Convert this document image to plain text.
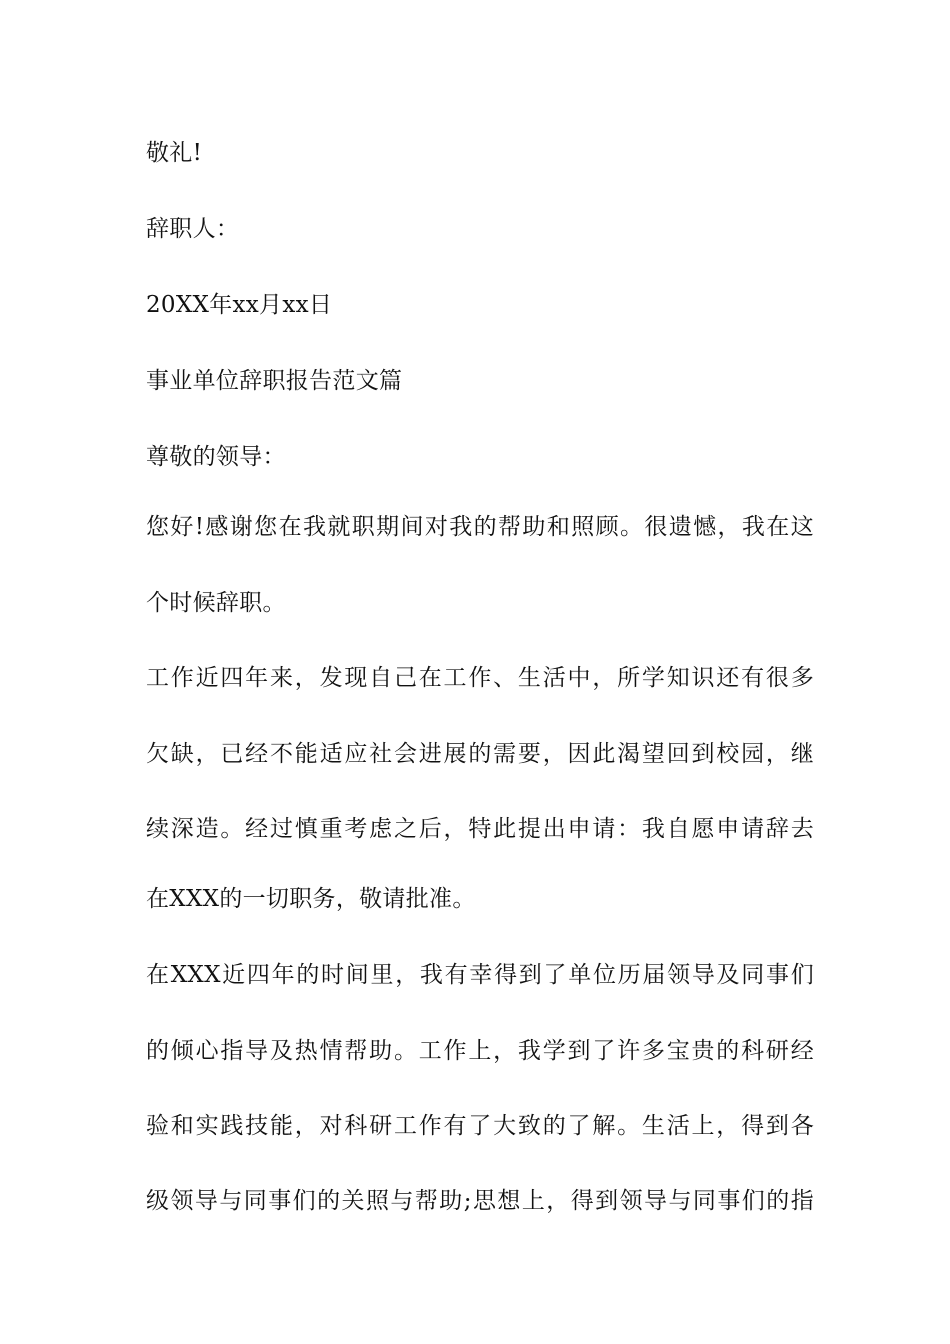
敬礼!
辞职人：
20XX年xx月xx日
事业单位辞职报告范文篇
尊敬的领导：
您好!感谢您在我就职期间对我的帮助和照顾。很遗憾，我在这
个时候辞职。
工作近四年来，发现自己在工作、生活中，所学知识还有很多
欠缺，已经不能适应社会进展的需要，因此渴望回到校园，继
续深造。经过慎重考虑之后，特此提出申请：我自愿申请辞去
在XXX的一切职务，敬请批准。
在XXX近四年的时间里，我有幸得到了单位历届领导及同事们
的倾心指导及热情帮助。工作上，我学到了许多宝贵的科研经
验和实践技能，对科研工作有了大致的了解。生活上，得到各
级领导与同事们的关照与帮助;思想上，得到领导与同事们的指
